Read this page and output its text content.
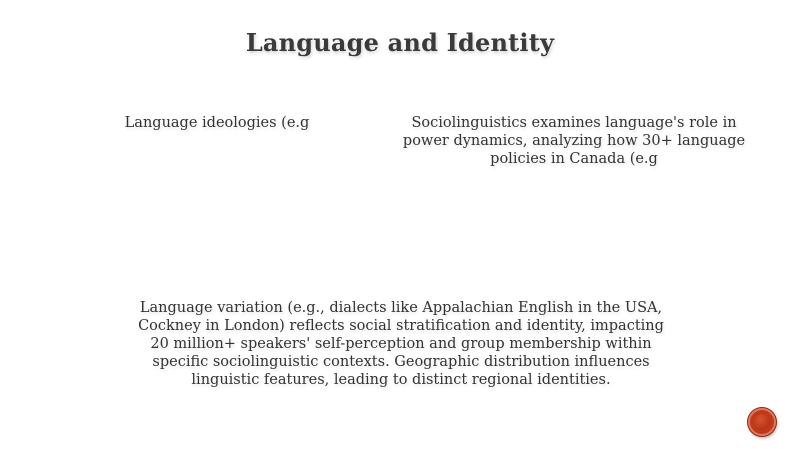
Language and Identity
Language ideologies (e.g	Sociolinguistics examines language's role in power dynamics, analyzing how 30+ language policies in Canada (e.g
Language variation (e.g., dialects like Appalachian English in the USA, Cockney in London) reflects social stratification and identity, impacting 20 million+ speakers' self-perception and group membership within specific sociolinguistic contexts. Geographic distribution influences linguistic features, leading to distinct regional identities.
